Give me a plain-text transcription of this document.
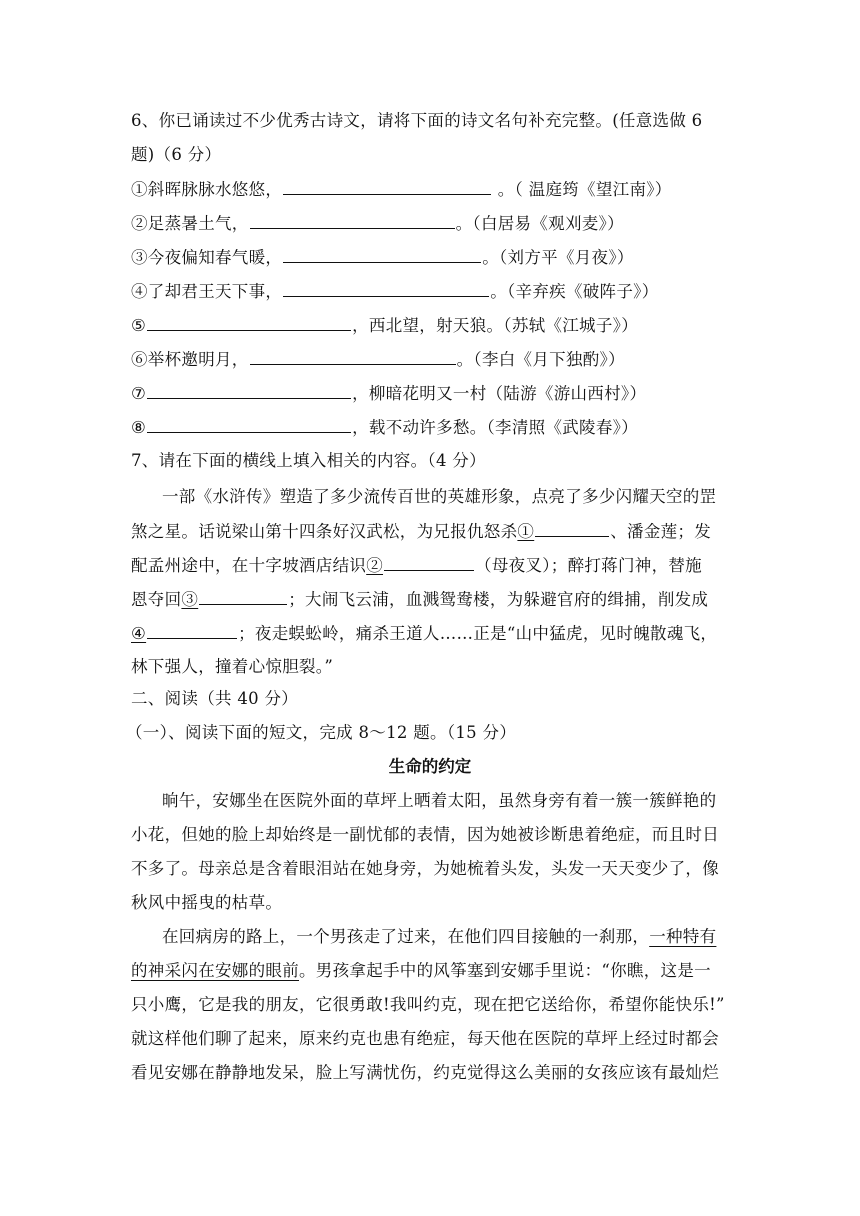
6、你已诵读过不少优秀古诗文，请将下面的诗文名句补充完整。(任意选做 6
题)（6 分）
①斜晖脉脉水悠悠，	。（ 温庭筠《望江南》）
②足蒸暑土气，	。（白居易《观刈麦》）
③今夜偏知春气暖，	。（刘方平《月夜》）
④了却君王天下事，	。（辛弃疾《破阵子》）
⑤	，西北望，射天狼。（苏轼《江城子》）
⑥举杯邀明月，	。（李白《月下独酌》）
⑦	，柳暗花明又一村（陆游《游山西村》）
⑧	，载不动许多愁。（李清照《武陵春》）
7、请在下面的横线上填入相关的内容。（4 分）
一部《水浒传》塑造了多少流传百世的英雄形象，点亮了多少闪耀天空的罡
煞之星。话说梁山第十四条好汉武松，为兄报仇怒杀①	、潘金莲；发
配孟州途中，在十字坡酒店结识②	（母夜叉）；醉打蒋门神，替施
恩夺回③	；大闹飞云浦，血溅鸳鸯楼，为躲避官府的缉捕，削发成
④	；夜走蜈蚣岭，痛杀王道人……正是“山中猛虎，见时魄散魂飞，
林下强人，撞着心惊胆裂。”
二、阅读（共 40 分）
（一）、阅读下面的短文，完成 8～12 题。（15 分）
生命的约定
晌午，安娜坐在医院外面的草坪上晒着太阳，虽然身旁有着一簇一簇鲜艳的
小花，但她的脸上却始终是一副忧郁的表情，因为她被诊断患着绝症，而且时日
不多了。母亲总是含着眼泪站在她身旁，为她梳着头发，头发一天天变少了，像
秋风中摇曳的枯草。
在回病房的路上，一个男孩走了过来，在他们四目接触的一刹那，一种特有
的神采闪在安娜的眼前。男孩拿起手中的风筝塞到安娜手里说：“你瞧，这是一
只小鹰，它是我的朋友，它很勇敢!我叫约克，现在把它送给你，希望你能快乐!”
就这样他们聊了起来，原来约克也患有绝症，每天他在医院的草坪上经过时都会
看见安娜在静静地发呆，脸上写满忧伤，约克觉得这么美丽的女孩应该有最灿烂
